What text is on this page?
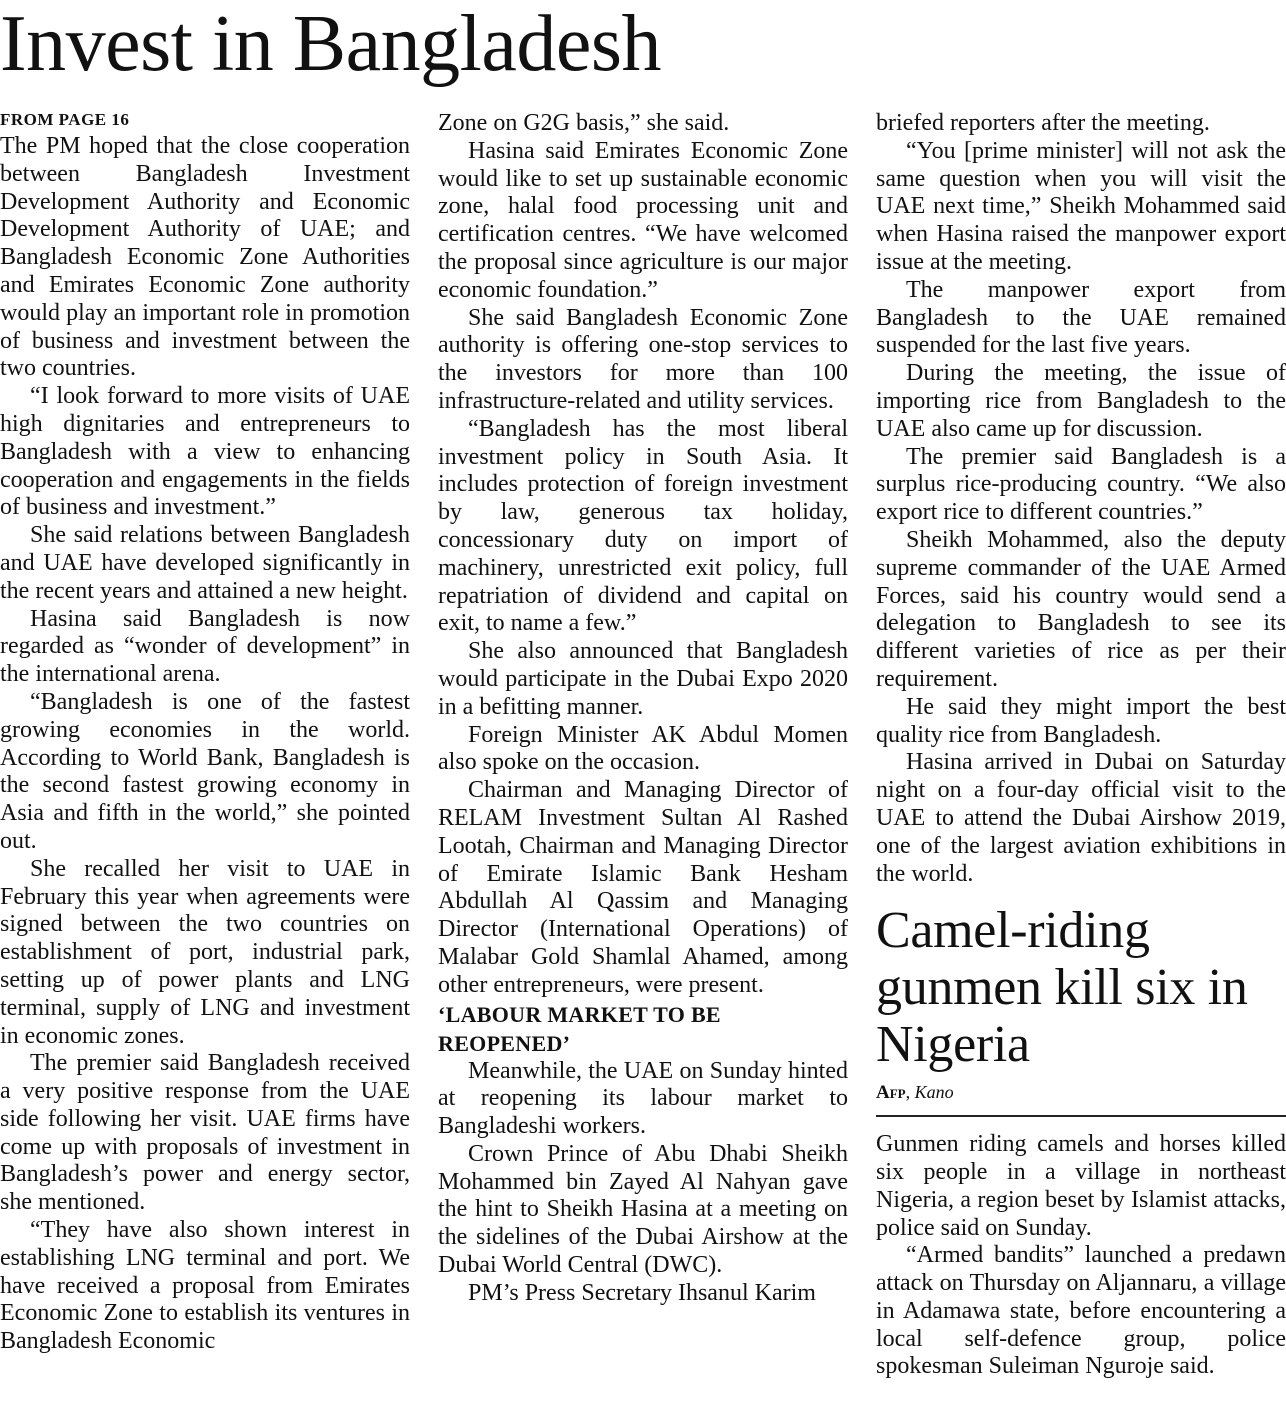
Invest in Bangladesh
FROM PAGE 16

The PM hoped that the close cooperation between Bangladesh Investment Development Authority and Economic Development Authority of UAE; and Bangladesh Economic Zone Authorities and Emirates Economic Zone authority would play an important role in promotion of business and investment between the two countries.

“I look forward to more visits of UAE high dignitaries and entrepreneurs to Bangladesh with a view to enhancing cooperation and engagements in the fields of business and investment.”

She said relations between Bangladesh and UAE have developed significantly in the recent years and attained a new height.

Hasina said Bangladesh is now regarded as “wonder of development” in the international arena.

“Bangladesh is one of the fastest growing economies in the world. According to World Bank, Bangladesh is the second fastest growing economy in Asia and fifth in the world,” she pointed out.

She recalled her visit to UAE in February this year when agreements were signed between the two countries on establishment of port, industrial park, setting up of power plants and LNG terminal, supply of LNG and investment in economic zones.

The premier said Bangladesh received a very positive response from the UAE side following her visit. UAE firms have come up with proposals of investment in Bangladesh’s power and energy sector, she mentioned.

“They have also shown interest in establishing LNG terminal and port. We have received a proposal from Emirates Economic Zone to establish its ventures in Bangladesh Economic

Zone on G2G basis,” she said.

Hasina said Emirates Economic Zone would like to set up sustainable economic zone, halal food processing unit and certification centres. “We have welcomed the proposal since agriculture is our major economic foundation.”

She said Bangladesh Economic Zone authority is offering one-stop services to the investors for more than 100 infrastructure-related and utility services.

“Bangladesh has the most liberal investment policy in South Asia. It includes protection of foreign investment by law, generous tax holiday, concessionary duty on import of machinery, unrestricted exit policy, full repatriation of dividend and capital on exit, to name a few.”

She also announced that Bangladesh would participate in the Dubai Expo 2020 in a befitting manner.

Foreign Minister AK Abdul Momen also spoke on the occasion.

Chairman and Managing Director of RELAM Investment Sultan Al Rashed Lootah, Chairman and Managing Director of Emirate Islamic Bank Hesham Abdullah Al Qassim and Managing Director (International Operations) of Malabar Gold Shamlal Ahamed, among other entrepreneurs, were present.

‘LABOUR MARKET TO BE REOPENED’

Meanwhile, the UAE on Sunday hinted at reopening its labour market to Bangladeshi workers.

Crown Prince of Abu Dhabi Sheikh Mohammed bin Zayed Al Nahyan gave the hint to Sheikh Hasina at a meeting on the sidelines of the Dubai Airshow at the Dubai World Central (DWC).

PM’s Press Secretary Ihsanul Karim

briefed reporters after the meeting.

“You [prime minister] will not ask the same question when you will visit the UAE next time,” Sheikh Mohammed said when Hasina raised the manpower export issue at the meeting.

The manpower export from Bangladesh to the UAE remained suspended for the last five years.

During the meeting, the issue of importing rice from Bangladesh to the UAE also came up for discussion.

The premier said Bangladesh is a surplus rice-producing country. “We also export rice to different countries.”

Sheikh Mohammed, also the deputy supreme commander of the UAE Armed Forces, said his country would send a delegation to Bangladesh to see its different varieties of rice as per their requirement.

He said they might import the best quality rice from Bangladesh.

Hasina arrived in Dubai on Saturday night on a four-day official visit to the UAE to attend the Dubai Airshow 2019, one of the largest aviation exhibitions in the world.

Camel-riding gunmen kill six in Nigeria
Afp, Kano

Gunmen riding camels and horses killed six people in a village in northeast Nigeria, a region beset by Islamist attacks, police said on Sunday.

“Armed bandits” launched a predawn attack on Thursday on Aljannaru, a village in Adamawa state, before encountering a local self-defence group, police spokesman Suleiman Nguroje said.
